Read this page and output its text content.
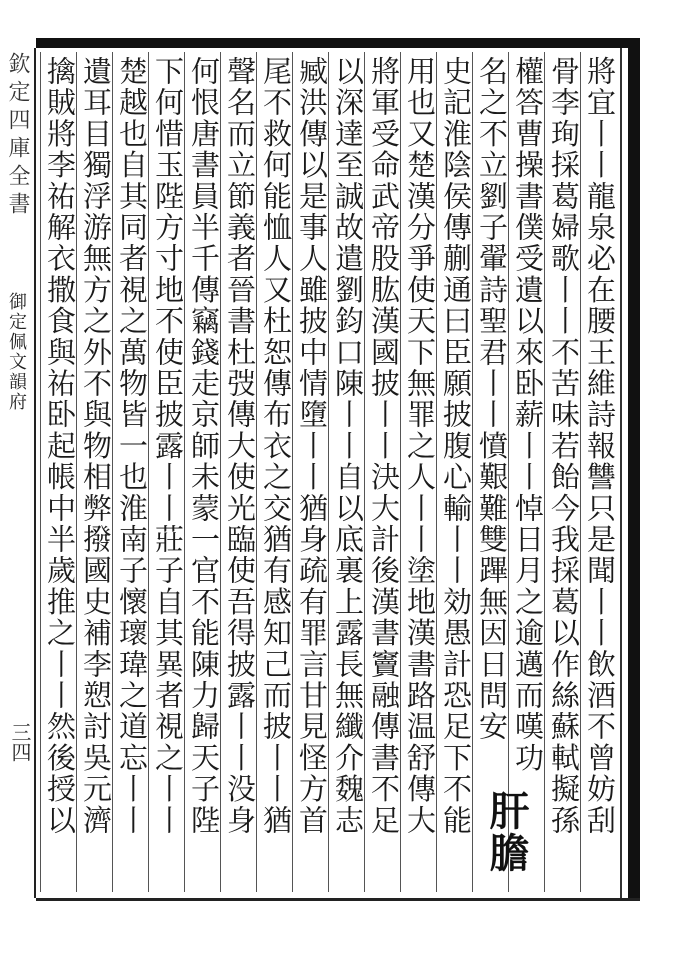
欽定四庫全書
御定佩文韻府
三四	將宜丨丨龍泉必在腰王維詩報讐只是聞丨丨飲酒不曾妨刮
骨李珣採葛婦歌丨丨不苦味若飴今我採葛以作絲蘇軾擬孫
權答曹操書僕受遺以來卧薪丨丨悼日月之逾邁而嘆功
名之不立劉子翬詩聖君丨丨憤艱難雙蹕無因日問安
史記淮陰侯傳蒯通曰臣願披腹心輸丨丨効愚計恐足下不能
用也又楚漢分爭使天下無罪之人丨丨塗地漢書路温舒傳大
將軍受命武帝股肱漢國披丨丨決大計後漢書竇融傳書不足
以深達至誠故遣劉鈞口陳丨丨自以底裏上露長無纖介魏志
臧洪傳以是事人雖披中情墮丨丨猶身疏有罪言甘見怪方首
尾不救何能恤人又杜恕傳布衣之交猶有感知己而披丨丨猶
聲名而立節義者晉書杜弢傳大使光臨使吾得披露丨丨没身
何恨唐書員半千傳竊錢走京師未蒙一官不能陳力歸天子陛
下何惜玉陛方寸地不使臣披露丨丨莊子自其異者視之丨丨
楚越也自其同者視之萬物皆一也淮南子懷瓌瑋之道忘丨丨
遺耳目獨浮游無方之外不與物相弊撥國史補李愬討吳元濟
擒賊將李祐解衣撒食與祐卧起帳中半歲推之丨丨然後授以	肝膽
